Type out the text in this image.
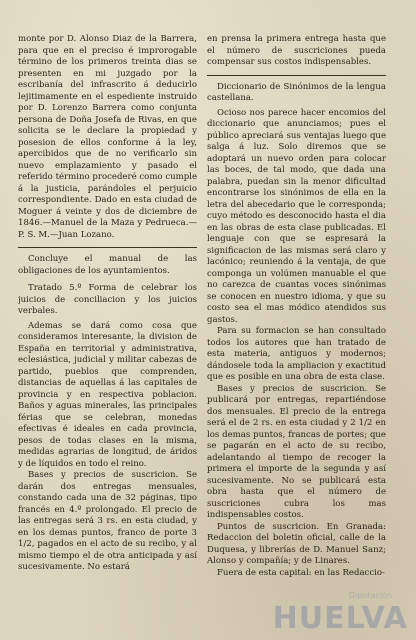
monte por D. Alonso Diaz de la Barrera, para que en el preciso é improrogable término de los primeros treinta dias se presenten en mi juzgado por la escribanía del infrascrito á deducirlo lejitimamente en el espediente instruido por D. Lorenzo Barrera como conjunta persona de Doña Josefa de Rivas, en que solicita se le declare la propiedad y posesion de ellos conforme á la ley, apercibidos que de no verificarlo sin nuevo emplazamiento y pasado el referido término procederé como cumple á la justicia, parándoles el perjuicio correspondiente. Dado en esta ciudad de Moguer á veinte y dos de diciembre de 1846.—Manuel de la Maza y Pedrueca.—P. S. M.—Juan Lozano.

Concluye el manual de las obligaciones de los ayuntamientos.

Tratado 5.º Forma de celebrar los juicios de conciliacion y los juicios verbales.

Ademas se dará como cosa que consideramos interesante, la division de España en territorial y administrativa, eclesiástica, judicial y militar cabezas de partido, pueblos que comprenden, distancias de aquellas á las capitales de provincia y en respectiva poblacion. Baños y aguas minerales, las principales férias que se celebran, monedas efectivas é ideales en cada provincia, pesos de todas clases en la misma, medidas agrarias de longitud, de áridos y de líquidos en todo el reino.

Bases y precios de suscricion. Se darán dos entregas mensuales, constando cada una de 32 páginas, tipo francés en 4.º prolongado. El precio de las entregas será 3 rs. en esta ciudad, y en los demas puntos, franco de porte 3 1/2, pagados en el acto de su recibo, y al mismo tiempo el de otra anticipada y así sucesivamente. No estará

en prensa la primera entrega hasta que el número de suscriciones pueda compensar sus costos indispensables.

Diccionario de Sinónimos de la lengua castellana.

Ocioso nos parece hacer encomios del diccionario que anunciamos; pues el público apreciará sus ventajas luego que salga á luz. Solo diremos que se adoptará un nuevo orden para colocar las boces, de tal modo, que dada una palabra, puedan sin la menor dificultad encontrarse los sinónimos de ella en la letra del abecedario que le corresponda; cuyo método es desconocido hasta el dia en las obras de esta clase publicadas. El lenguaje con que se espresará la significacion de las mismas será claro y lacónico; reuniendo á la ventaja, de que componga un volúmen manuable el que no carezca de cuantas voces sinónimas se conocen en nuestro idioma, y que su costo sea el mas módico atendidos sus gastos.

Para su formacion se han consultado todos los autores que han tratado de esta materia, antiguos y modernos; dándosele toda la ampliacion y exactitud que es posible en una obra de esta clase.

Bases y precios de suscricion. Se publicará por entregas, repartiéndose dos mensuales. El precio de la entrega será el de 2 rs. en esta ciudad y 2 1/2 en los demas puntos, francas de portes; que se pagarán en el acto de su recibo, adelantando al tiempo de recoger la primera el importe de la segunda y así sucesivamente. No se publicará esta obra hasta que el número de suscriciones cubra los mas indispensables costos.

Puntos de suscricion. En Granada: Redaccion del boletin oficial, calle de la Duquesa, y librerías de D. Manuel Sanz; Alonso y compañía; y de Linares.

Fuera de esta capital: en las Redaccio-

Diputación
HUELVA
